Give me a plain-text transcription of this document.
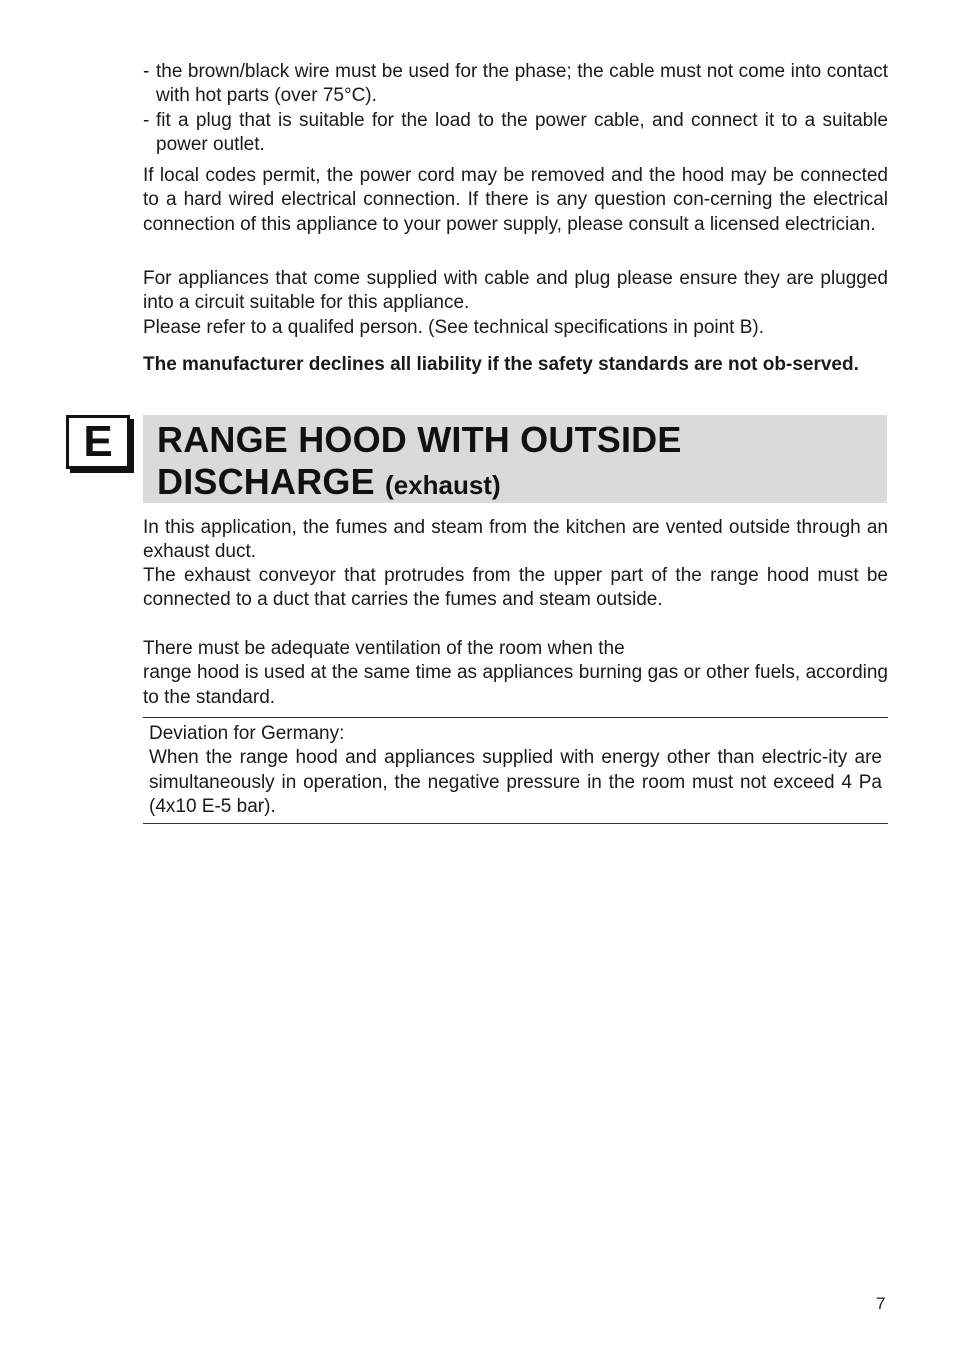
- the brown/black wire must be used for the phase; the cable must not come into contact with hot parts (over 75°C).
- fit a plug that is suitable for the load to the power cable, and connect it to a suitable power outlet.

If local codes permit, the power cord may be removed and the hood may be connected to a hard wired electrical connection. If there is any question con-cerning the electrical connection of this appliance to your power supply, please consult a licensed electrician.

For appliances that come supplied with cable and plug please ensure they are plugged into a circuit suitable for this appliance.

Please refer to a qualifed person. (See technical specifications in point B).

The manufacturer declines all liability if the safety standards are not ob-served.

E	RANGE HOOD WITH OUTSIDE
DISCHARGE (exhaust)

In this application, the fumes and steam from the kitchen are vented outside through an exhaust duct.

The exhaust conveyor that protrudes from the upper part of the range hood must be connected to a duct that carries the fumes and steam outside.

There must be adequate ventilation of the room when the
range hood is used at the same time as appliances burning gas or other fuels, according to the standard.
Deviation for Germany:
When the range hood and appliances supplied with energy other than electric-ity are simultaneously in operation, the negative pressure in the room must not exceed 4 Pa (4x10 E-5 bar).
7
